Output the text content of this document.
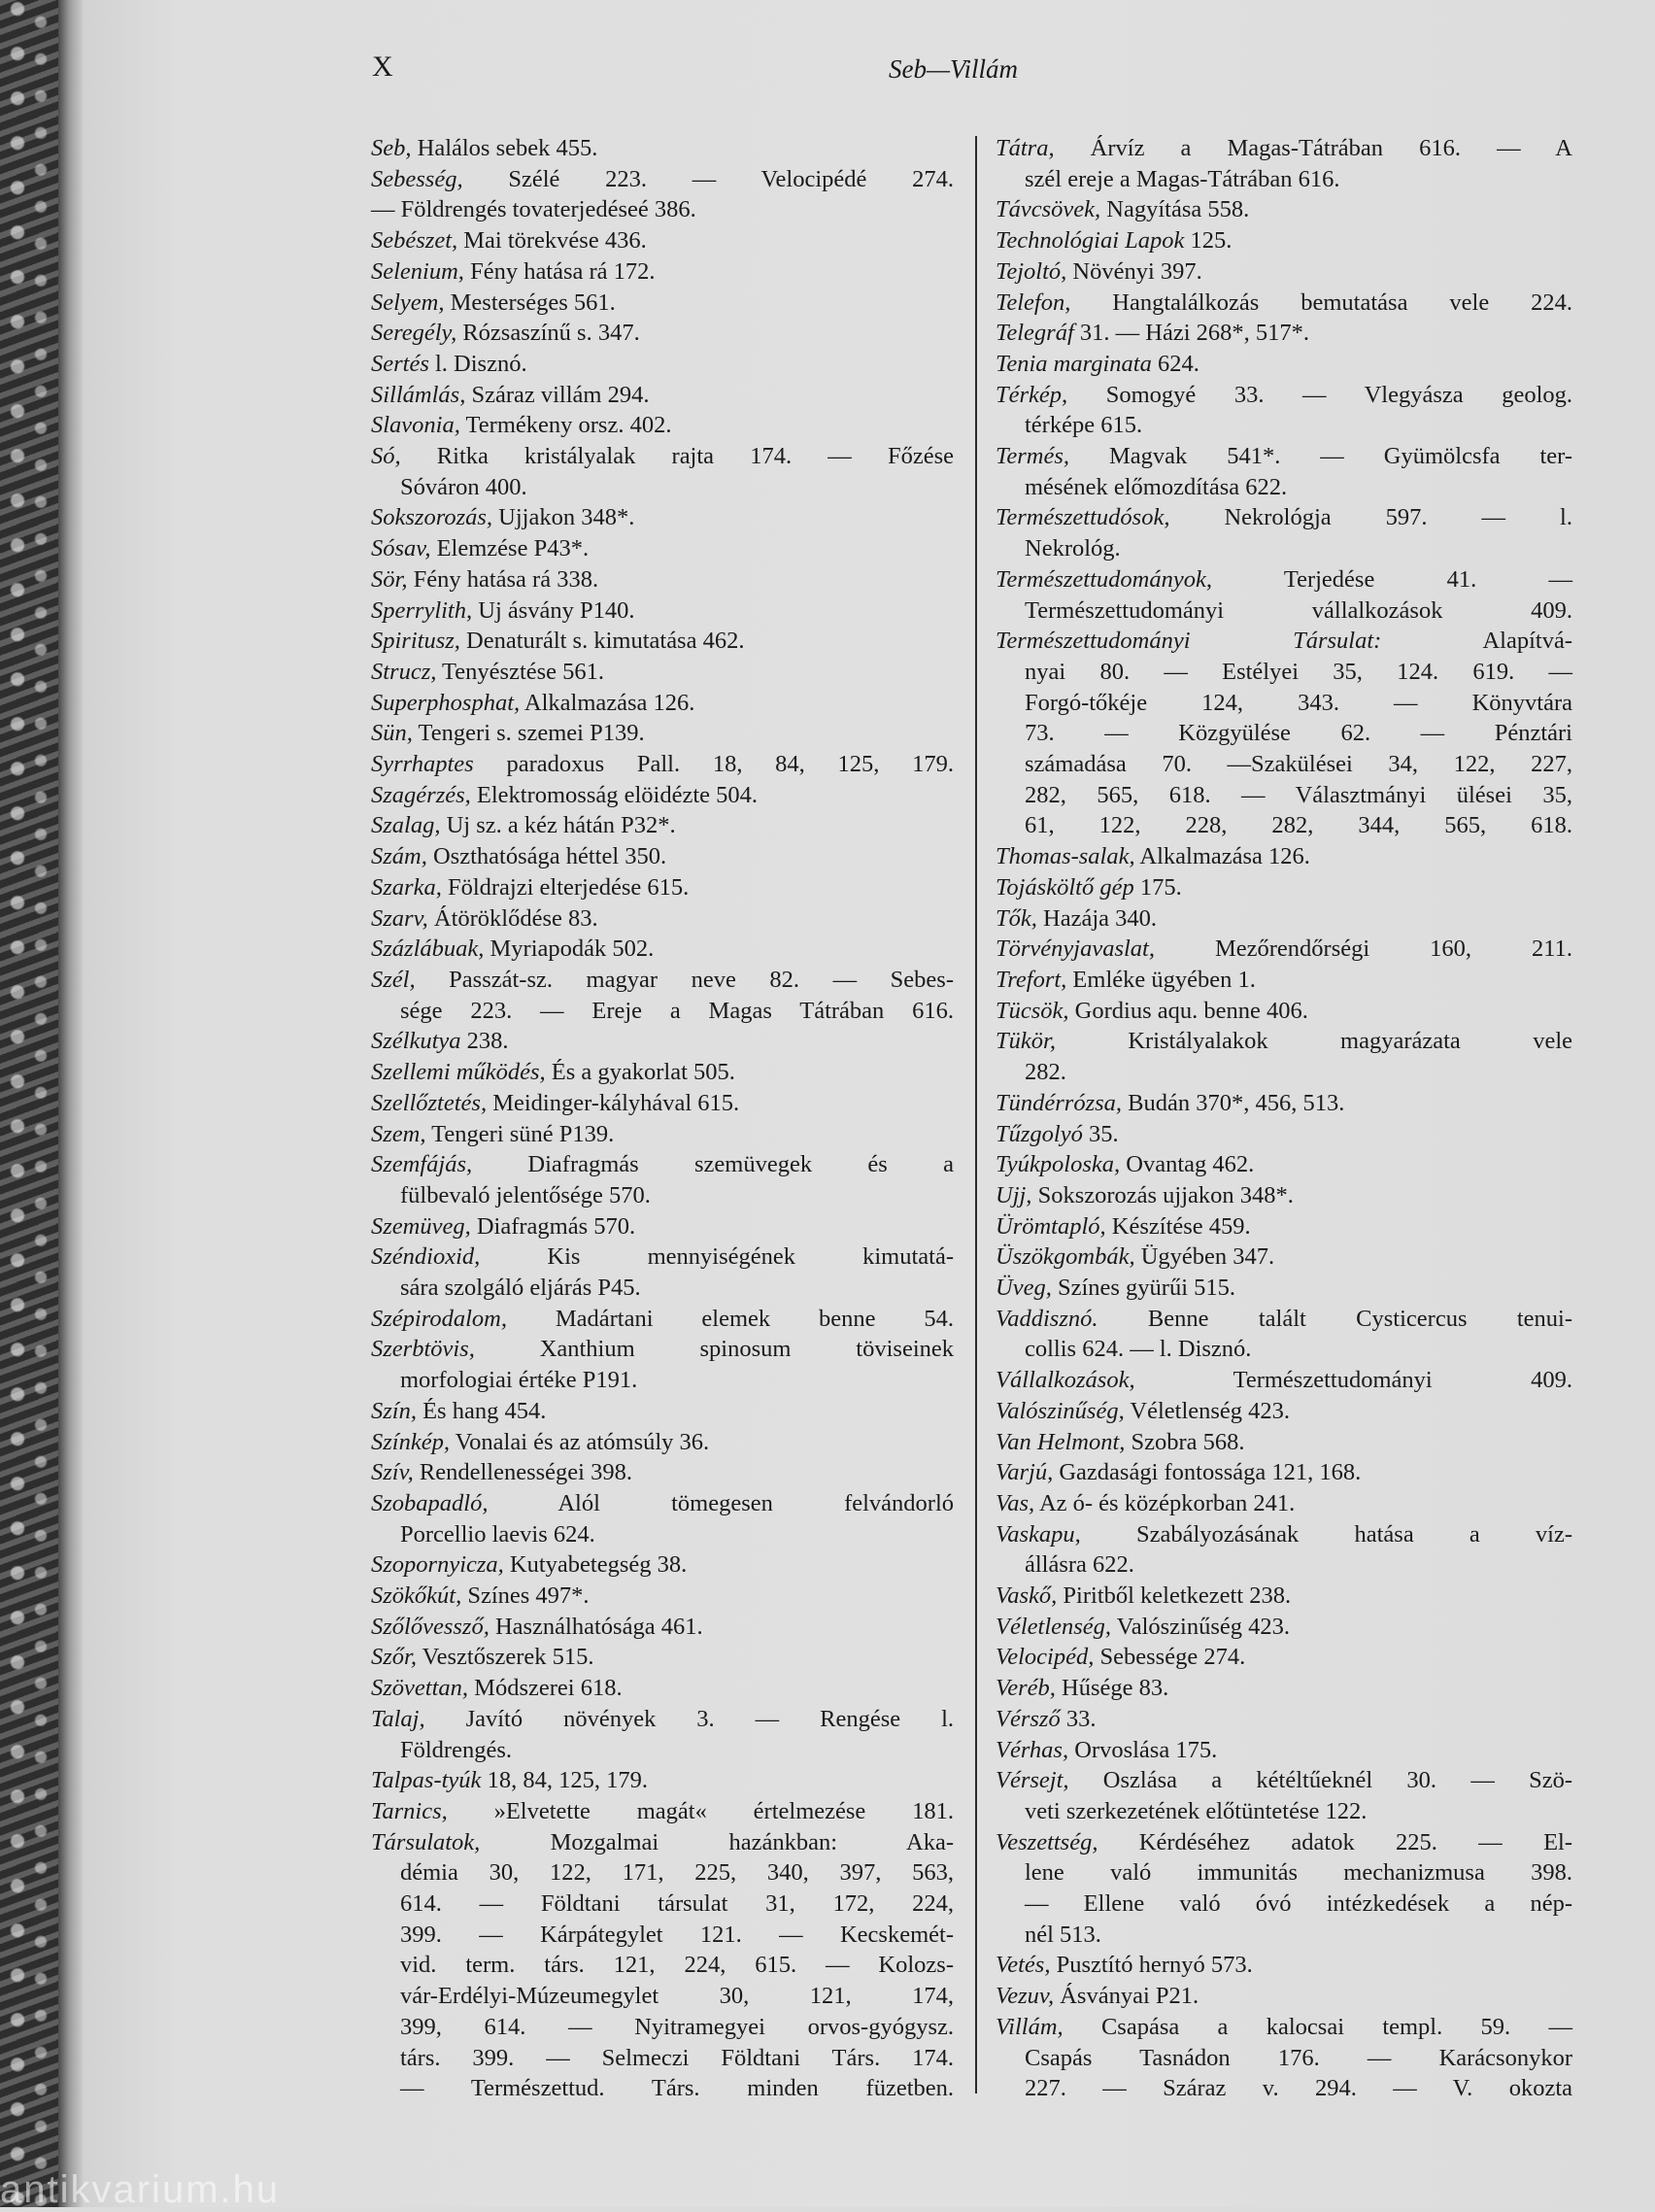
X	Seb—Villám
Seb, Halálos sebek 455.
Sebesség, Szélé 223. — Velocipédé 274.
— Földrengés tovaterjedéseé 386.
Sebészet, Mai törekvése 436.
Selenium, Fény hatása rá 172.
Selyem, Mesterséges 561.
Seregély, Rózsaszínű s. 347.
Sertés l. Disznó.
Sillámlás, Száraz villám 294.
Slavonia, Termékeny orsz. 402.
Só, Ritka kristályalak rajta 174. — Főzése
Sóváron 400.
Sokszorozás, Ujjakon 348*.
Sósav, Elemzése P43*.
Sör, Fény hatása rá 338.
Sperrylith, Uj ásvány P140.
Spiritusz, Denaturált s. kimutatása 462.
Strucz, Tenyésztése 561.
Superphosphat, Alkalmazása 126.
Sün, Tengeri s. szemei P139.
Syrrhaptes paradoxus Pall. 18, 84, 125, 179.
Szagérzés, Elektromosság elöidézte 504.
Szalag, Uj sz. a kéz hátán P32*.
Szám, Oszthatósága héttel 350.
Szarka, Földrajzi elterjedése 615.
Szarv, Átöröklődése 83.
Százlábuak, Myriapodák 502.
Szél, Passzát-sz. magyar neve 82. — Sebes-
sége 223. — Ereje a Magas Tátrában 616.
Szélkutya 238.
Szellemi működés, És a gyakorlat 505.
Szellőztetés, Meidinger-kályhával 615.
Szem, Tengeri süné P139.
Szemfájás, Diafragmás szemüvegek és a
fülbevaló jelentősége 570.
Szemüveg, Diafragmás 570.
Széndioxid, Kis mennyiségének kimutatá-
sára szolgáló eljárás P45.
Szépirodalom, Madártani elemek benne 54.
Szerbtövis, Xanthium spinosum töviseinek
morfologiai értéke P191.
Szín, És hang 454.
Színkép, Vonalai és az atómsúly 36.
Szív, Rendellenességei 398.
Szobapadló, Alól tömegesen felvándorló
Porcellio laevis 624.
Szopornyicza, Kutyabetegség 38.
Szökőkút, Színes 497*.
Szőlővessző, Használhatósága 461.
Szőr, Vesztőszerek 515.
Szövettan, Módszerei 618.
Talaj, Javító növények 3. — Rengése l.
Földrengés.
Talpas-tyúk 18, 84, 125, 179.
Tarnics, »Elvetette magát« értelmezése 181.
Társulatok, Mozgalmai hazánkban: Aka-
démia 30, 122, 171, 225, 340, 397, 563,
614. — Földtani társulat 31, 172, 224,
399. — Kárpátegylet 121. — Kecskemét-
vid. term. társ. 121, 224, 615. — Kolozs-
vár-Erdélyi-Múzeumegylet 30, 121, 174,
399, 614. — Nyitramegyei orvos-gyógysz.
társ. 399. — Selmeczi Földtani Társ. 174.
— Természettud. Társ. minden füzetben.
Tátra, Árvíz a Magas-Tátrában 616. — A
szél ereje a Magas-Tátrában 616.
Távcsövek, Nagyítása 558.
Technológiai Lapok 125.
Tejoltó, Növényi 397.
Telefon, Hangtalálkozás bemutatása vele 224.
Telegráf 31. — Házi 268*, 517*.
Tenia marginata 624.
Térkép, Somogyé 33. — Vlegyásza geolog.
térképe 615.
Termés, Magvak 541*. — Gyümölcsfa ter-
mésének előmozdítása 622.
Természettudósok, Nekrológja 597. — l.
Nekrológ.
Természettudományok, Terjedése 41. —
Természettudományi vállalkozások 409.
Természettudományi Társulat: Alapítvá-
nyai 80. — Estélyei 35, 124. 619. —
Forgó-tőkéje 124, 343. — Könyvtára
73. — Közgyülése 62. — Pénztári
számadása 70. —Szakülései 34, 122, 227,
282, 565, 618. — Választmányi ülései 35,
61, 122, 228, 282, 344, 565, 618.
Thomas-salak, Alkalmazása 126.
Tojásköltő gép 175.
Tők, Hazája 340.
Törvényjavaslat, Mezőrendőrségi 160, 211.
Trefort, Emléke ügyében 1.
Tücsök, Gordius aqu. benne 406.
Tükör, Kristályalakok magyarázata vele
282.
Tündérrózsa, Budán 370*, 456, 513.
Tűzgolyó 35.
Tyúkpoloska, Ovantag 462.
Ujj, Sokszorozás ujjakon 348*.
Ürömtapló, Készítése 459.
Üszökgombák, Ügyében 347.
Üveg, Színes gyürűi 515.
Vaddisznó. Benne talált Cysticercus tenui-
collis 624. — l. Disznó.
Vállalkozások, Természettudományi 409.
Valószinűség, Véletlenség 423.
Van Helmont, Szobra 568.
Varjú, Gazdasági fontossága 121, 168.
Vas, Az ó- és középkorban 241.
Vaskapu, Szabályozásának hatása a víz-
állásra 622.
Vaskő, Piritből keletkezett 238.
Véletlenség, Valószinűség 423.
Velocipéd, Sebessége 274.
Veréb, Hűsége 83.
Vérsző 33.
Vérhas, Orvoslása 175.
Vérsejt, Oszlása a kétéltűeknél 30. — Szö-
veti szerkezetének előtüntetése 122.
Veszettség, Kérdéséhez adatok 225. — El-
lene való immunitás mechanizmusa 398.
— Ellene való óvó intézkedések a nép-
nél 513.
Vetés, Pusztító hernyó 573.
Vezuv, Ásványai P21.
Villám, Csapása a kalocsai templ. 59. —
Csapás Tasnádon 176. — Karácsonykor
227. — Száraz v. 294. — V. okozta
antikvarium.hu
